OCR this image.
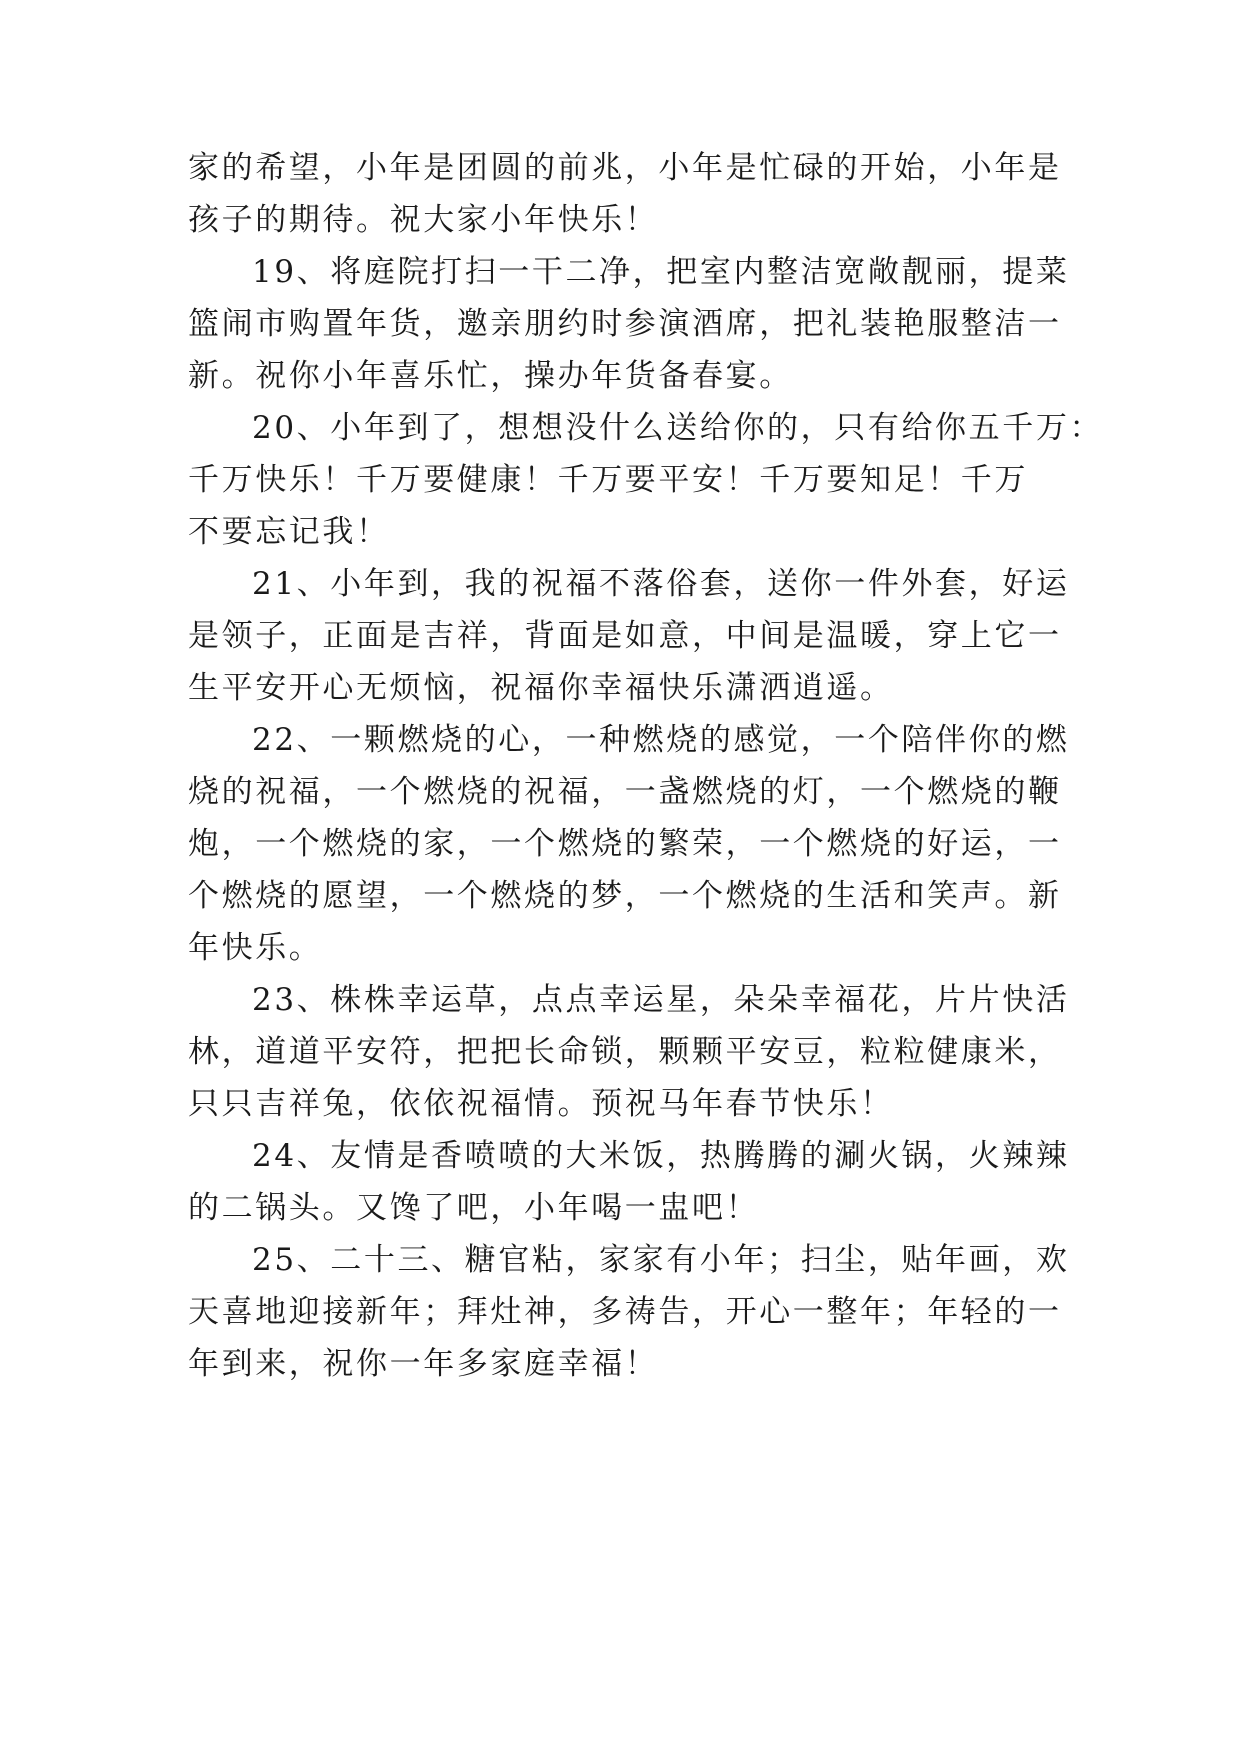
家的希望，小年是团圆的前兆，小年是忙碌的开始，小年是
孩子的期待。祝大家小年快乐！
19、将庭院打扫一干二净，把室内整洁宽敞靓丽，提菜
篮闹市购置年货，邀亲朋约时参演酒席，把礼装艳服整洁一
新。祝你小年喜乐忙，操办年货备春宴。
20、小年到了，想想没什么送给你的，只有给你五千万：
千万快乐！千万要健康！千万要平安！千万要知足！千万
不要忘记我！
21、小年到，我的祝福不落俗套，送你一件外套，好运
是领子，正面是吉祥，背面是如意，中间是温暖，穿上它一
生平安开心无烦恼，祝福你幸福快乐潇洒逍遥。
22、一颗燃烧的心，一种燃烧的感觉，一个陪伴你的燃
烧的祝福，一个燃烧的祝福，一盏燃烧的灯，一个燃烧的鞭
炮，一个燃烧的家，一个燃烧的繁荣，一个燃烧的好运，一
个燃烧的愿望，一个燃烧的梦，一个燃烧的生活和笑声。新
年快乐。
23、株株幸运草，点点幸运星，朵朵幸福花，片片快活
林，道道平安符，把把长命锁，颗颗平安豆，粒粒健康米，
只只吉祥兔，依依祝福情。预祝马年春节快乐！
24、友情是香喷喷的大米饭，热腾腾的涮火锅，火辣辣
的二锅头。又馋了吧，小年喝一盅吧！
25、二十三、糖官粘，家家有小年；扫尘，贴年画，欢
天喜地迎接新年；拜灶神，多祷告，开心一整年；年轻的一
年到来，祝你一年多家庭幸福！
